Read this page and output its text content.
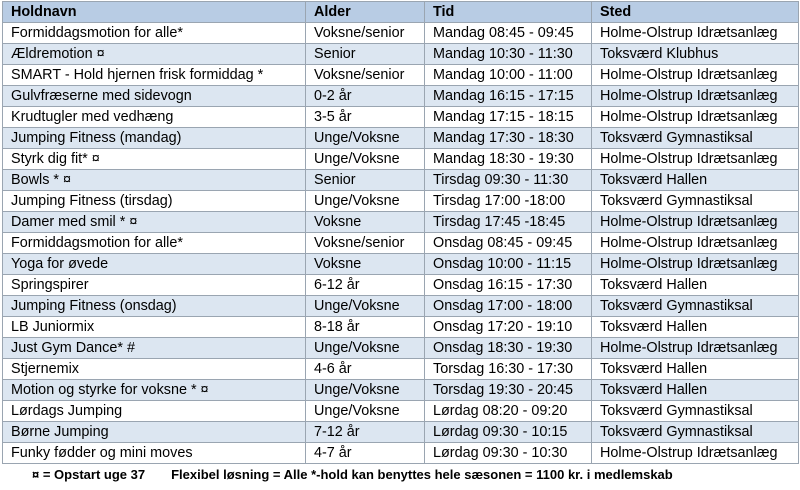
Holdnavn	Alder	Tid	Sted
Formiddagsmotion for alle*	Voksne/senior	Mandag 08:45 - 09:45	Holme-Olstrup Idrætsanlæg
Ældremotion ¤	Senior	Mandag 10:30 - 11:30	Toksværd Klubhus
SMART - Hold hjernen frisk formiddag *	Voksne/senior	Mandag 10:00 - 11:00	Holme-Olstrup Idrætsanlæg
Gulvfræserne med sidevogn	0-2 år	Mandag 16:15 - 17:15	Holme-Olstrup Idrætsanlæg
Krudtugler med vedhæng	3-5 år	Mandag 17:15 - 18:15	Holme-Olstrup Idrætsanlæg
Jumping Fitness (mandag)	Unge/Voksne	Mandag 17:30 - 18:30	Toksværd Gymnastiksal
Styrk dig fit* ¤	Unge/Voksne	Mandag 18:30 - 19:30	Holme-Olstrup Idrætsanlæg
Bowls * ¤	Senior	Tirsdag 09:30 - 11:30	Toksværd Hallen
Jumping Fitness (tirsdag)	Unge/Voksne	Tirsdag 17:00 -18:00	Toksværd Gymnastiksal
Damer med smil * ¤	Voksne	Tirsdag 17:45 -18:45	Holme-Olstrup Idrætsanlæg
Formiddagsmotion for alle*	Voksne/senior	Onsdag 08:45 - 09:45	Holme-Olstrup Idrætsanlæg
Yoga for øvede	Voksne	Onsdag 10:00 - 11:15	Holme-Olstrup Idrætsanlæg
Springspirer	6-12 år	Onsdag 16:15 - 17:30	Toksværd Hallen
Jumping Fitness (onsdag)	Unge/Voksne	Onsdag 17:00 - 18:00	Toksværd Gymnastiksal
LB Juniormix	8-18 år	Onsdag 17:20 - 19:10	Toksværd Hallen
Just Gym Dance* #	Unge/Voksne	Onsdag 18:30 - 19:30	Holme-Olstrup Idrætsanlæg
Stjernemix	4-6 år	Torsdag 16:30 - 17:30	Toksværd Hallen
Motion og styrke for voksne * ¤	Unge/Voksne	Torsdag 19:30 - 20:45	Toksværd Hallen
Lørdags Jumping	Unge/Voksne	Lørdag 08:20 - 09:20	Toksværd Gymnastiksal
Børne Jumping	7-12 år	Lørdag 09:30 - 10:15	Toksværd Gymnastiksal
Funky fødder og mini moves	4-7 år	Lørdag 09:30 - 10:30	Holme-Olstrup Idrætsanlæg
¤ = Opstart uge 37 Flexibel løsning = Alle *-hold kan benyttes hele sæsonen = 1100 kr. i medlemskab
